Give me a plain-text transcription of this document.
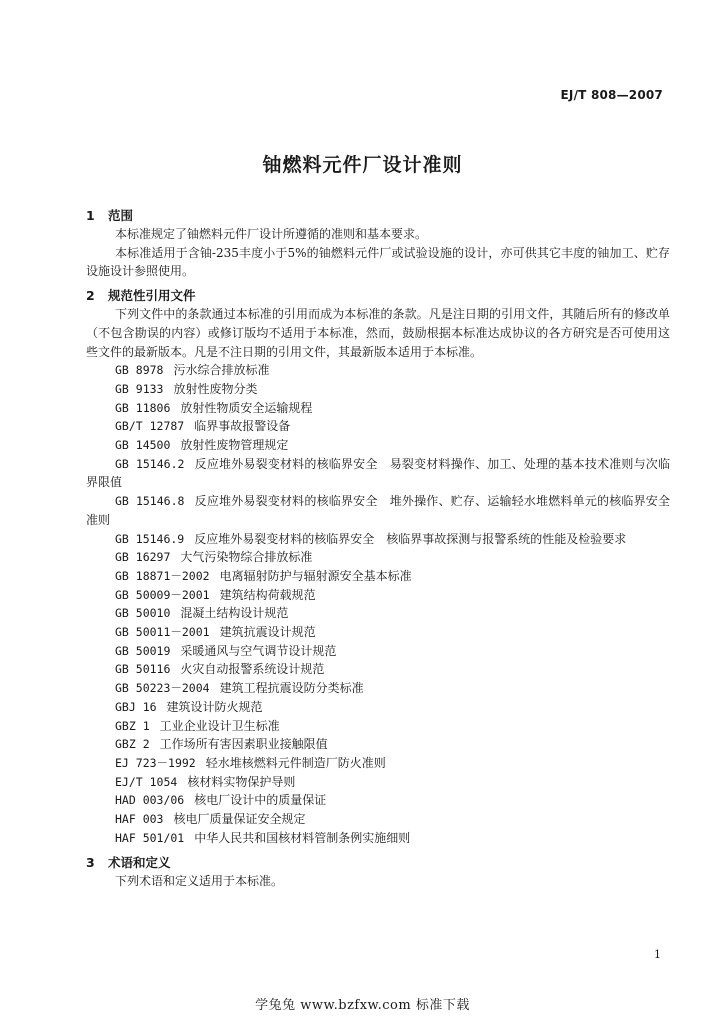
EJ/T 808—2007
铀燃料元件厂设计准则
1 范围

本标准规定了铀燃料元件厂设计所遵循的准则和基本要求。

本标准适用于含铀-235丰度小于5%的铀燃料元件厂或试验设施的设计，亦可供其它丰度的铀加工、贮存设施设计参照使用。

2 规范性引用文件

下列文件中的条款通过本标准的引用而成为本标准的条款。凡是注日期的引用文件，其随后所有的修改单（不包含勘误的内容）或修订版均不适用于本标准，然而，鼓励根据本标准达成协议的各方研究是否可使用这些文件的最新版本。凡是不注日期的引用文件，其最新版本适用于本标准。

GB 8978 污水综合排放标准
GB 9133 放射性废物分类
GB 11806 放射性物质安全运输规程
GB/T 12787 临界事故报警设备
GB 14500 放射性废物管理规定
GB 15146.2 反应堆外易裂变材料的核临界安全　易裂变材料操作、加工、处理的基本技术准则与次临界限值
GB 15146.8 反应堆外易裂变材料的核临界安全　堆外操作、贮存、运输轻水堆燃料单元的核临界安全准则
GB 15146.9 反应堆外易裂变材料的核临界安全　核临界事故探测与报警系统的性能及检验要求
GB 16297 大气污染物综合排放标准
GB 18871－2002 电离辐射防护与辐射源安全基本标准
GB 50009－2001 建筑结构荷载规范
GB 50010 混凝土结构设计规范
GB 50011－2001 建筑抗震设计规范
GB 50019 采暖通风与空气调节设计规范
GB 50116 火灾自动报警系统设计规范
GB 50223－2004 建筑工程抗震设防分类标准
GBJ 16 建筑设计防火规范
GBZ 1 工业企业设计卫生标准
GBZ 2 工作场所有害因素职业接触限值
EJ 723－1992 轻水堆核燃料元件制造厂防火准则
EJ/T 1054 核材料实物保护导则
HAD 003/06 核电厂设计中的质量保证
HAF 003 核电厂质量保证安全规定
HAF 501/01 中华人民共和国核材料管制条例实施细则
3 术语和定义

下列术语和定义适用于本标准。

1
学兔兔 www.bzfxw.com 标准下载
